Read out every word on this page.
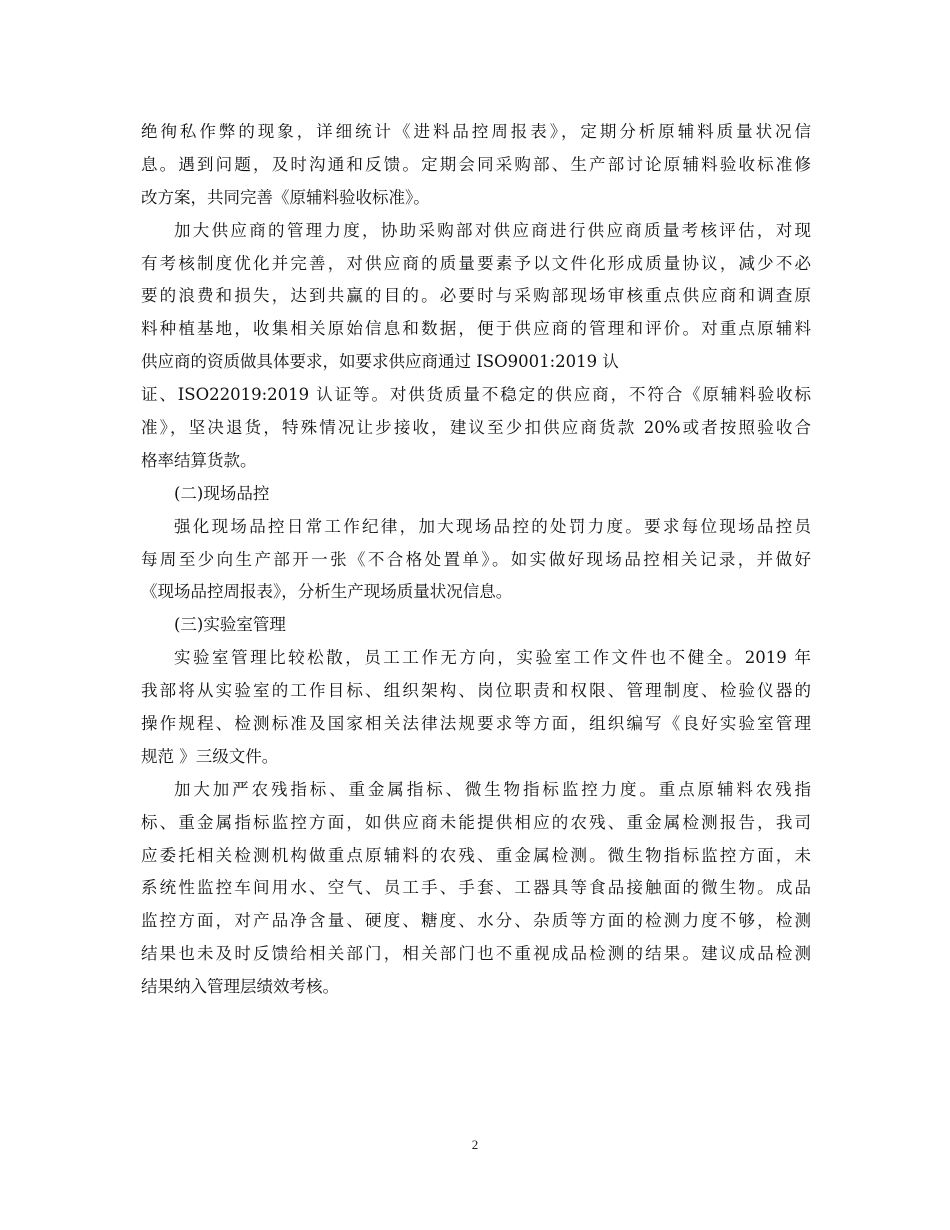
绝徇私作弊的现象，详细统计《进料品控周报表》，定期分析原辅料质量状况信
息。遇到问题，及时沟通和反馈。定期会同采购部、生产部讨论原辅料验收标准修
改方案，共同完善《原辅料验收标准》。
加大供应商的管理力度，协助采购部对供应商进行供应商质量考核评估，对现
有考核制度优化并完善，对供应商的质量要素予以文件化形成质量协议，减少不必
要的浪费和损失，达到共赢的目的。必要时与采购部现场审核重点供应商和调查原
料种植基地，收集相关原始信息和数据，便于供应商的管理和评价。对重点原辅料
供应商的资质做具体要求，如要求供应商通过 ISO9001:2019 认
证、ISO22019:2019 认证等。对供货质量不稳定的供应商，不符合《原辅料验收标
准》，坚决退货，特殊情况让步接收，建议至少扣供应商货款 20%或者按照验收合
格率结算货款。
(二)现场品控
强化现场品控日常工作纪律，加大现场品控的处罚力度。要求每位现场品控员
每周至少向生产部开一张《不合格处置单》。如实做好现场品控相关记录，并做好
《现场品控周报表》，分析生产现场质量状况信息。
(三)实验室管理
实验室管理比较松散，员工工作无方向，实验室工作文件也不健全。2019 年
我部将从实验室的工作目标、组织架构、岗位职责和权限、管理制度、检验仪器的
操作规程、检测标准及国家相关法律法规要求等方面，组织编写《良好实验室管理
规范 》三级文件。
加大加严农残指标、重金属指标、微生物指标监控力度。重点原辅料农残指
标、重金属指标监控方面，如供应商未能提供相应的农残、重金属检测报告，我司
应委托相关检测机构做重点原辅料的农残、重金属检测。微生物指标监控方面，未
系统性监控车间用水、空气、员工手、手套、工器具等食品接触面的微生物。成品
监控方面，对产品净含量、硬度、糖度、水分、杂质等方面的检测力度不够，检测
结果也未及时反馈给相关部门，相关部门也不重视成品检测的结果。建议成品检测
结果纳入管理层绩效考核。
2
